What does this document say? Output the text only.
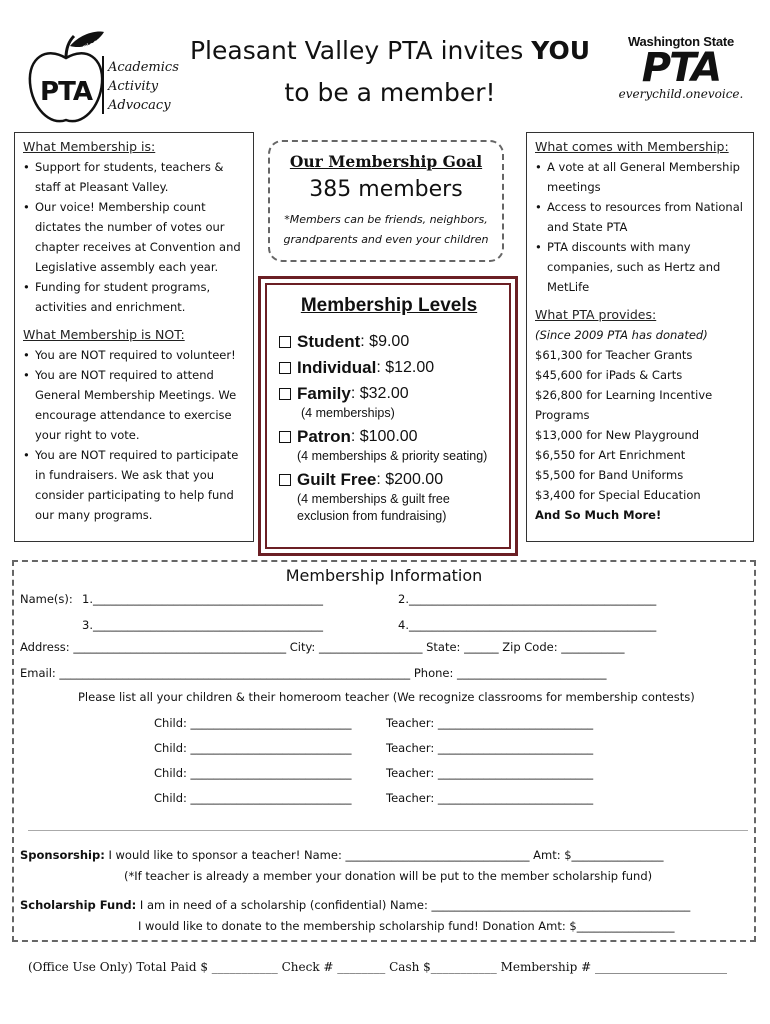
PTA
Pleasant Valley
Academics
Activity
Advocacy
Pleasant Valley PTA invites YOU
to be a member!
Washington State
PTA
everychild.onevoice.
What Membership is:
• Support for students, teachers & staff at Pleasant Valley.
• Our voice! Membership count dictates the number of votes our chapter receives at Convention and Legislative assembly each year.
• Funding for student programs, activities and enrichment.
What Membership is NOT:
• You are NOT required to volunteer!
• You are NOT required to attend General Membership Meetings. We encourage attendance to exercise your right to vote.
• You are NOT required to participate in fundraisers. We ask that you consider participating to help fund our many programs.
Our Membership Goal
385 members
*Members can be friends, neighbors, grandparents and even your children
Membership Levels
Student : $9.00
Individual : $12.00
Family : $32.00
(4 memberships)
Patron : $100.00
(4 memberships & priority seating)
Guilt Free : $200.00
(4 memberships & guilt free exclusion from fundraising)
What comes with Membership:
• A vote at all General Membership meetings
• Access to resources from National and State PTA
• PTA discounts with many companies, such as Hertz and MetLife
What PTA provides:
(Since 2009 PTA has donated)
$61,300 for Teacher Grants
$45,600 for iPads & Carts
$26,800 for Learning Incentive Programs
$13,000 for New Playground
$6,550 for Art Enrichment
$5,500 for Band Uniforms
$3,400 for Special Education
And So Much More!
Membership Information
Name(s): 1.________________________________________	2.___________________________________________
3.________________________________________	4.___________________________________________
Address: _____________________________________ City: __________________ State: ______ Zip Code: ___________
Email: _____________________________________________________________ Phone: __________________________
Please list all your children & their homeroom teacher (We recognize classrooms for membership contests)
Child: ____________________________	Teacher: ___________________________
Child: ____________________________	Teacher: ___________________________
Child: ____________________________	Teacher: ___________________________
Child: ____________________________	Teacher: ___________________________
Sponsorship: I would like to sponsor a teacher! Name: ________________________________ Amt: $________________
(*If teacher is already a member your donation will be put to the member scholarship fund)
Scholarship Fund: I am in need of a scholarship (confidential) Name: _____________________________________________
I would like to donate to the membership scholarship fund! Donation Amt: $_________________
(Office Use Only) Total Paid $ ___________ Check # ________ Cash $___________ Membership # ______________________
